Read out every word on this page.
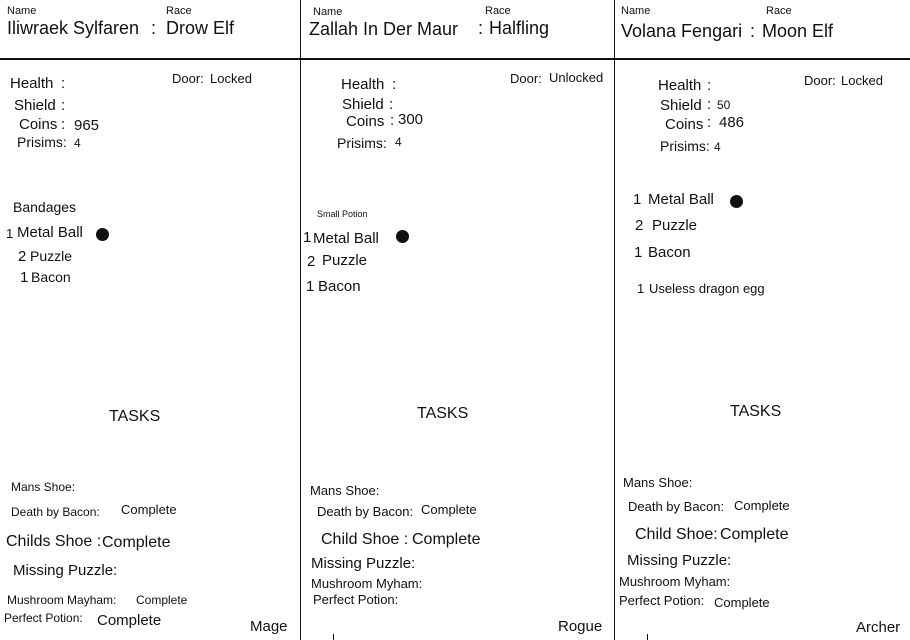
Name	Race
Iliwraek Sylfaren : Drow Elf
Health :
Shield :
Coins : 965
Prisims: 4
Door: Locked
Bandages
1 Metal Ball
2 Puzzle
1 Bacon
TASKS
Mans Shoe:
Death by Bacon: Complete
Childs Shoe : Complete
Missing Puzzle:
Mushroom Mayham: Complete
Perfect Potion: Complete	Mage
Name	Race
Zallah In Der Maur : Halfling
Health :
Shield :
Coins : 300
Prisims: 4
Door: Unlocked
Small Potion
1 Metal Ball
2 Puzzle
1 Bacon
TASKS
Mans Shoe:
Death by Bacon: Complete
Child Shoe : Complete
Missing Puzzle:
Mushroom Myham:
Perfect Potion:
Rogue
Name	Race
Volana Fengari : Moon Elf
Health :
Shield : 50
Coins : 486
Prisims: 4
Door: Locked
1 Metal Ball
2 Puzzle
1 Bacon
1 Useless dragon egg
TASKS
Mans Shoe:
Death by Bacon: Complete
Child Shoe: Complete
Missing Puzzle:
Mushroom Myham:
Perfect Potion: Complete
Archer
